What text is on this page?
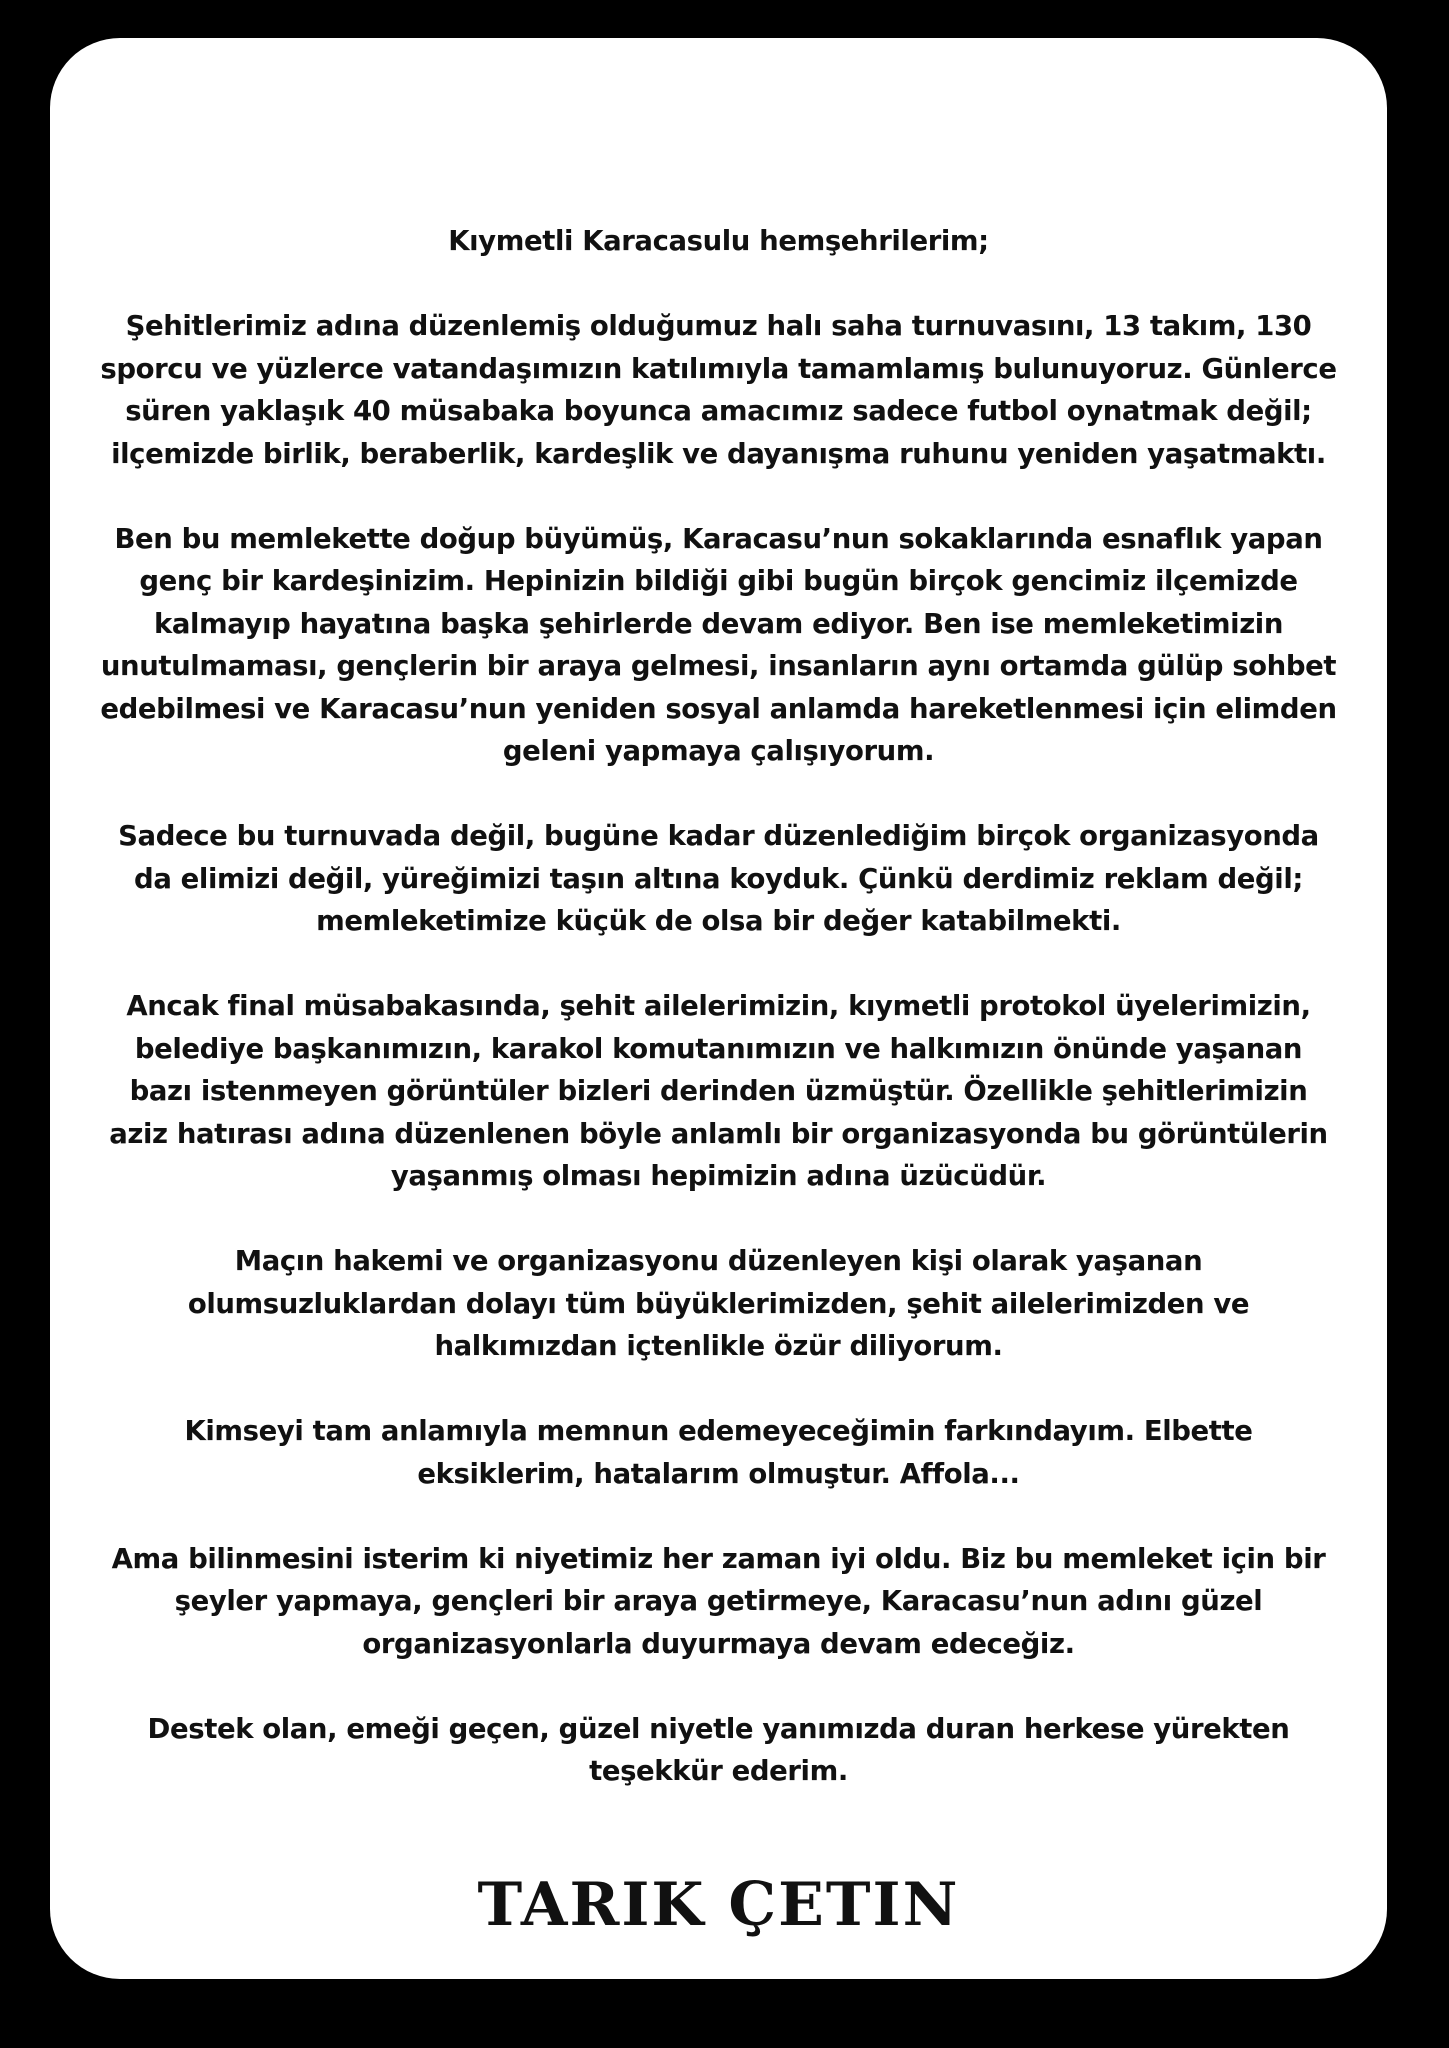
Kıymetli Karacasulu hemşehrilerim;

Şehitlerimiz adına düzenlemiş olduğumuz halı saha turnuvasını, 13 takım, 130 sporcu ve yüzlerce vatandaşımızın katılımıyla tamamlamış bulunuyoruz. Günlerce süren yaklaşık 40 müsabaka boyunca amacımız sadece futbol oynatmak değil; ilçemizde birlik, beraberlik, kardeşlik ve dayanışma ruhunu yeniden yaşatmaktı.

Ben bu memlekette doğup büyümüş, Karacasu’nun sokaklarında esnaflık yapan genç bir kardeşinizim. Hepinizin bildiği gibi bugün birçok gencimiz ilçemizde kalmayıp hayatına başka şehirlerde devam ediyor. Ben ise memleketimizin unutulmaması, gençlerin bir araya gelmesi, insanların aynı ortamda gülüp sohbet edebilmesi ve Karacasu’nun yeniden sosyal anlamda hareketlenmesi için elimden geleni yapmaya çalışıyorum.

Sadece bu turnuvada değil, bugüne kadar düzenlediğim birçok organizasyonda da elimizi değil, yüreğimizi taşın altına koyduk. Çünkü derdimiz reklam değil; memleketimize küçük de olsa bir değer katabilmekti.

Ancak final müsabakasında, şehit ailelerimizin, kıymetli protokol üyelerimizin, belediye başkanımızın, karakol komutanımızın ve halkımızın önünde yaşanan bazı istenmeyen görüntüler bizleri derinden üzmüştür. Özellikle şehitlerimizin aziz hatırası adına düzenlenen böyle anlamlı bir organizasyonda bu görüntülerin yaşanmış olması hepimizin adına üzücüdür.

Maçın hakemi ve organizasyonu düzenleyen kişi olarak yaşanan olumsuzluklardan dolayı tüm büyüklerimizden, şehit ailelerimizden ve halkımızdan içtenlikle özür diliyorum.

Kimseyi tam anlamıyla memnun edemeyeceğimin farkındayım. Elbette eksiklerim, hatalarım olmuştur. Affola...

Ama bilinmesini isterim ki niyetimiz her zaman iyi oldu. Biz bu memleket için bir şeyler yapmaya, gençleri bir araya getirmeye, Karacasu’nun adını güzel organizasyonlarla duyurmaya devam edeceğiz.

Destek olan, emeği geçen, güzel niyetle yanımızda duran herkese yürekten teşekkür ederim.

TARIK ÇETIN
